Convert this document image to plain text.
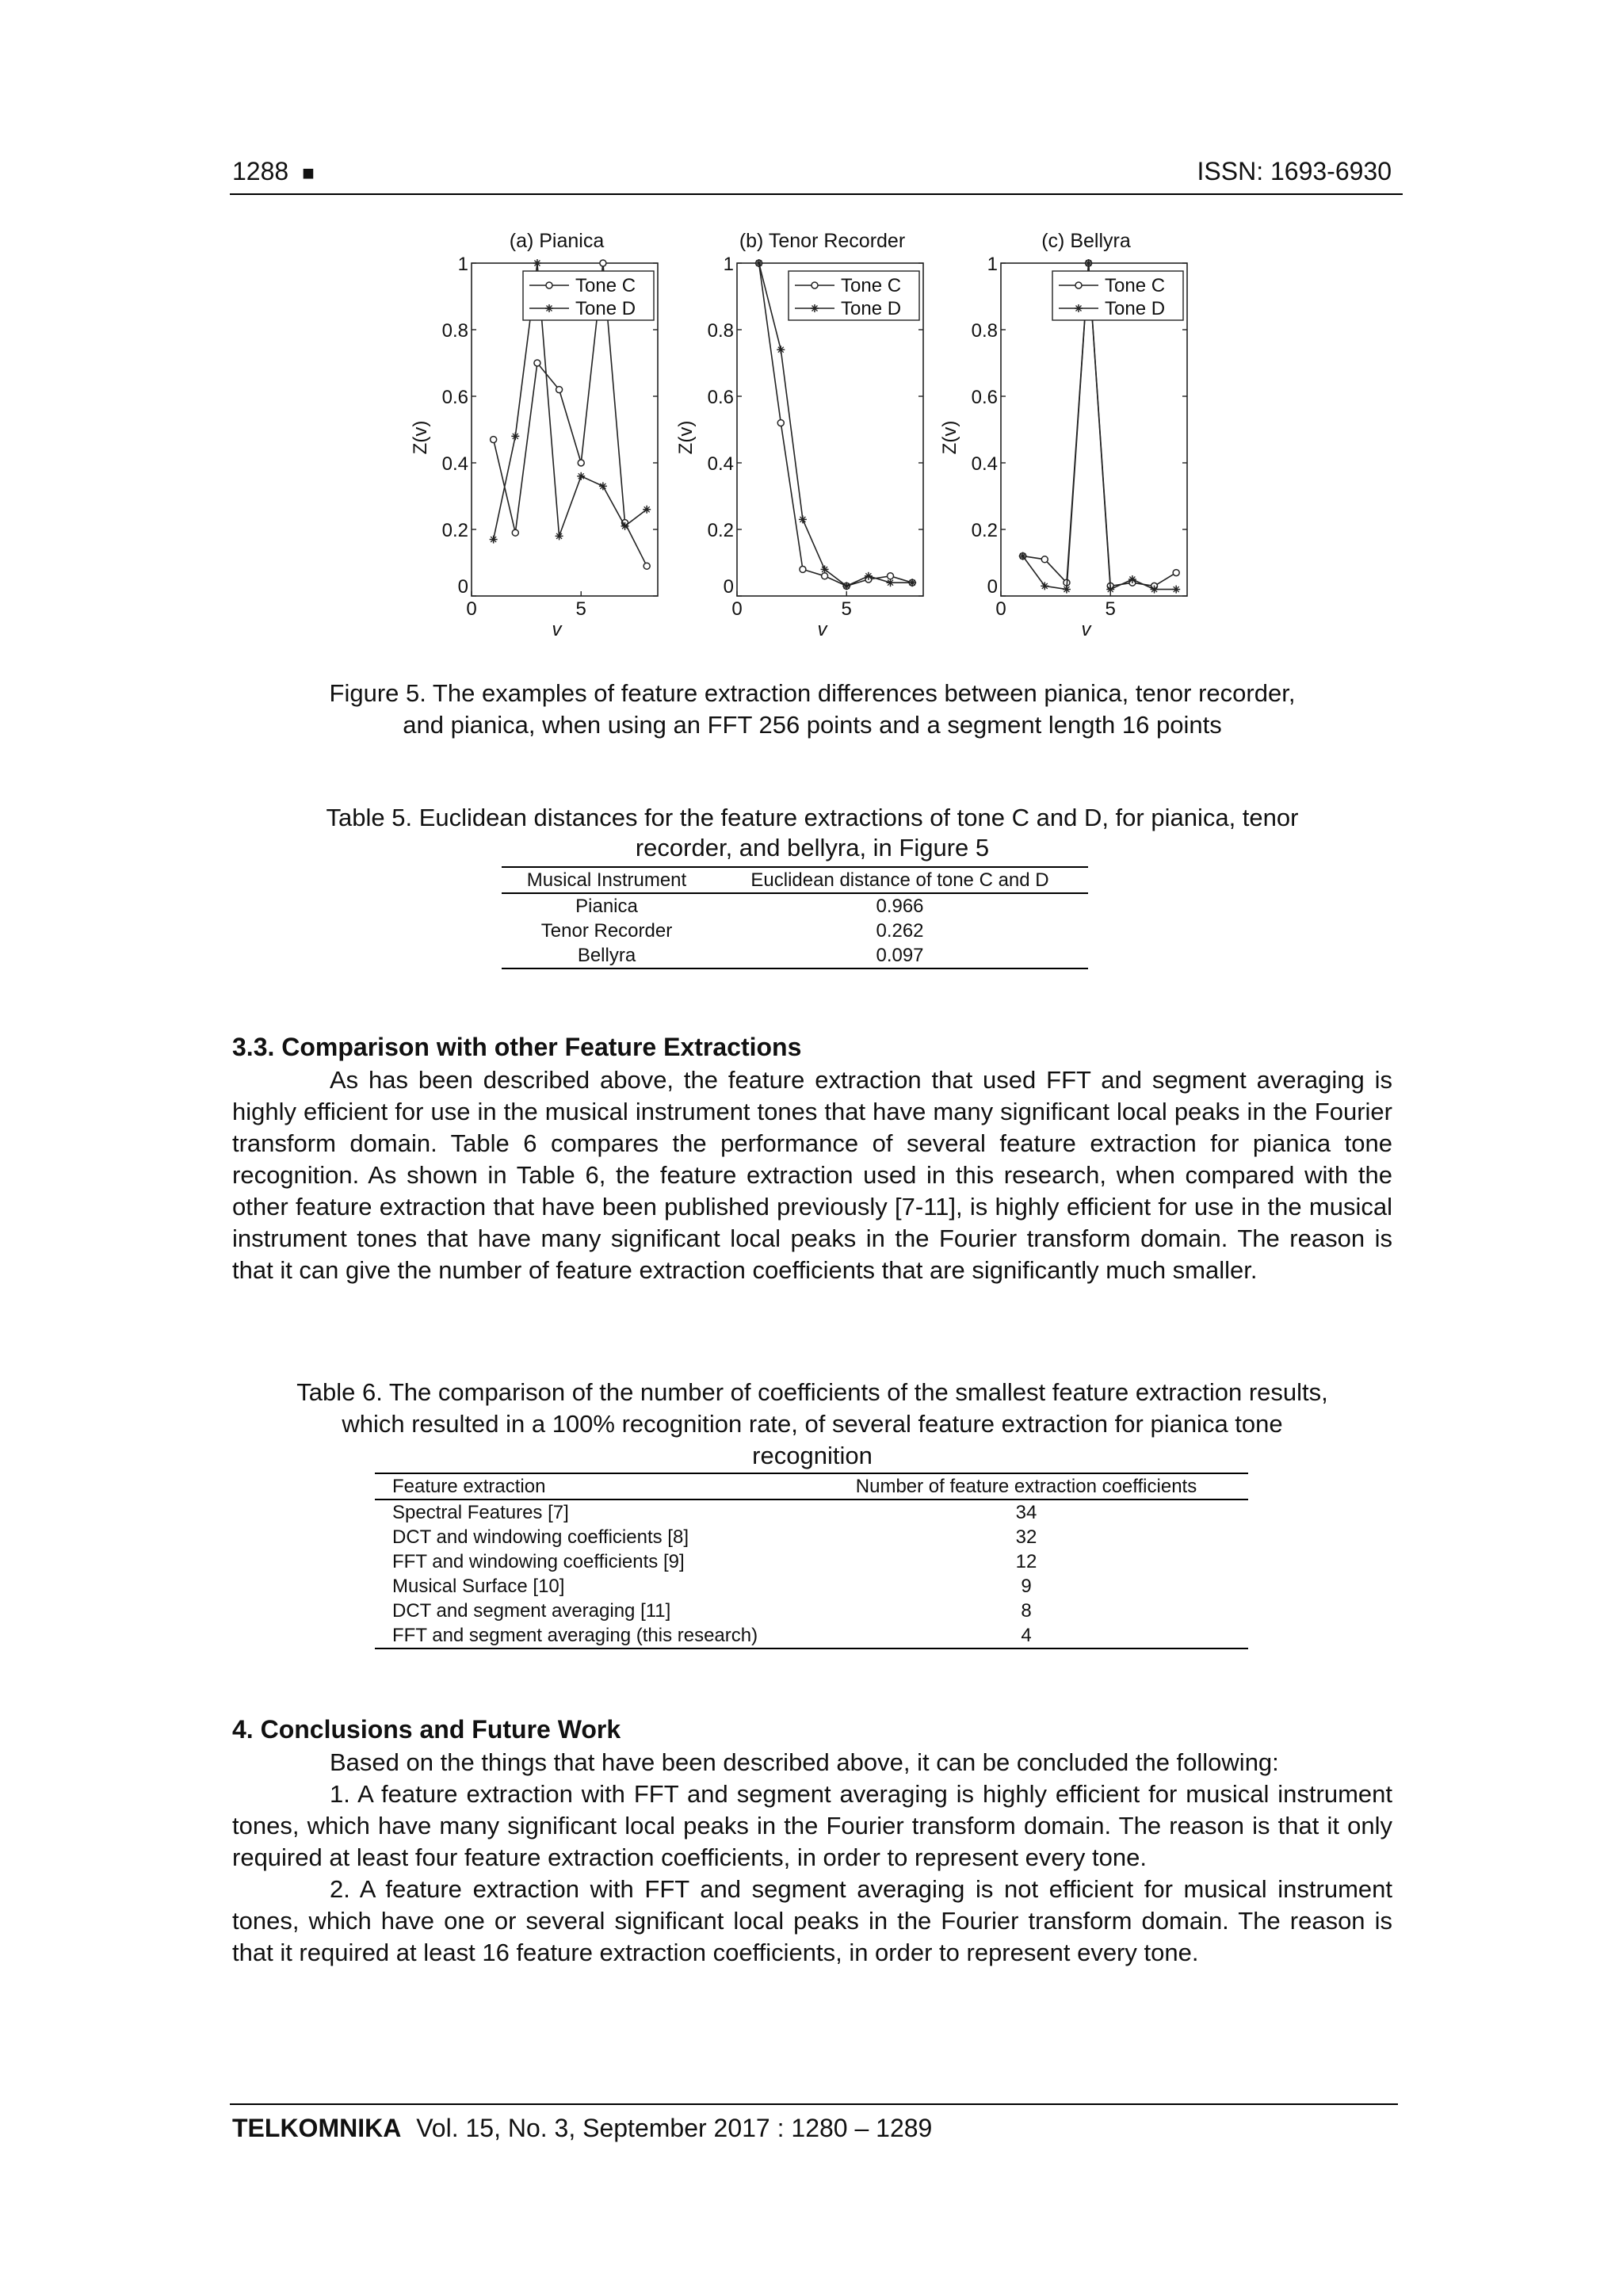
1288 ■	ISSN: 1693-6930
(a) Pianica
0
0.2
0.4
0.6
0.8
1
0	5
v
Z(v)
Tone C
Tone D
(b) Tenor Recorder
0
0.2
0.4
0.6
0.8
1
0	5
v
Z(v)
Tone C
Tone D
(c) Bellyra
0
0.2
0.4
0.6
0.8
1
0	5
v
Z(v)
Tone C
Tone D
Figure 5. The examples of feature extraction differences between pianica, tenor recorder,
and pianica, when using an FFT 256 points and a segment length 16 points
Table 5. Euclidean distances for the feature extractions of tone C and D, for pianica, tenor
recorder, and bellyra, in Figure 5
Musical Instrument	Euclidean distance of tone C and D
Pianica	0.966
Tenor Recorder	0.262
Bellyra	0.097
3.3. Comparison with other Feature Extractions
As has been described above, the feature extraction that used FFT and segment averaging is highly efficient for use in the musical instrument tones that have many significant local peaks in the Fourier transform domain. Table 6 compares the performance of several feature extraction for pianica tone recognition. As shown in Table 6, the feature extraction used in this research, when compared with the other feature extraction that have been published previously [7-11], is highly efficient for use in the musical instrument tones that have many significant local peaks in the Fourier transform domain. The reason is that it can give the number of feature extraction coefficients that are significantly much smaller.
Table 6. The comparison of the number of coefficients of the smallest feature extraction results,
which resulted in a 100% recognition rate, of several feature extraction for pianica tone
recognition
Feature extraction	Number of feature extraction coefficients
Spectral Features [7]	34
DCT and windowing coefficients [8]	32
FFT and windowing coefficients [9]	12
Musical Surface [10]	9
DCT and segment averaging [11]	8
FFT and segment averaging (this research)	4
4. Conclusions and Future Work

Based on the things that have been described above, it can be concluded the following:

1. A feature extraction with FFT and segment averaging is highly efficient for musical instrument tones, which have many significant local peaks in the Fourier transform domain. The reason is that it only required at least four feature extraction coefficients, in order to represent every tone.

2. A feature extraction with FFT and segment averaging is not efficient for musical instrument tones, which have one or several significant local peaks in the Fourier transform domain. The reason is that it required at least 16 feature extraction coefficients, in order to represent every tone.

TELKOMNIKA Vol. 15, No. 3, September 2017 : 1280 – 1289
